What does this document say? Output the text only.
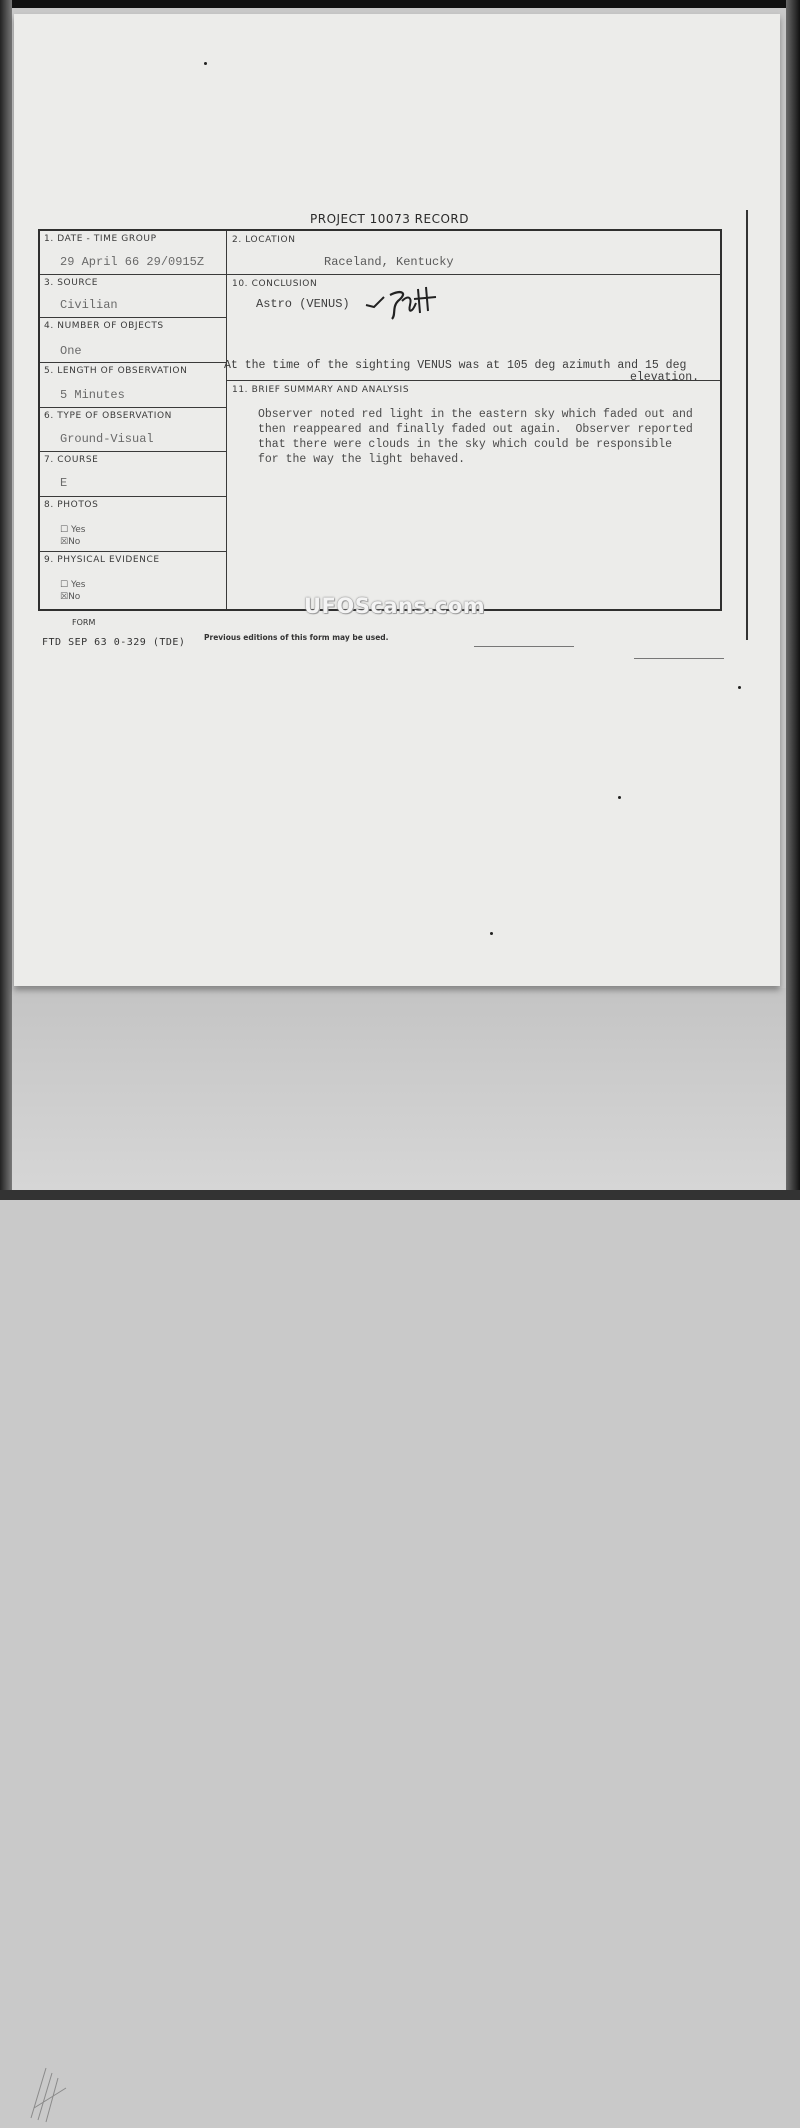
PROJECT 10073 RECORD
1. DATE - TIME GROUP
29 April 66 29/0915Z
3. SOURCE
Civilian
4. NUMBER OF OBJECTS
One
5. LENGTH OF OBSERVATION
5 Minutes
6. TYPE OF OBSERVATION
Ground-Visual
7. COURSE
E
8. PHOTOS
☐ Yes
☒No
9. PHYSICAL EVIDENCE
☐ Yes
☒No
2. LOCATION
Raceland, Kentucky
10. CONCLUSION
Astro (VENUS)
At the time of the sighting VENUS was at 105 deg azimuth and 15 deg
elevation.
11. BRIEF SUMMARY AND ANALYSIS
Observer noted red light in the eastern sky which faded out and
then reappeared and finally faded out again.  Observer reported
that there were clouds in the sky which could be responsible
for the way the light behaved.
FORM
FTD SEP 63 0-329 (TDE) Previous editions of this form may be used.
UFOScans.com
